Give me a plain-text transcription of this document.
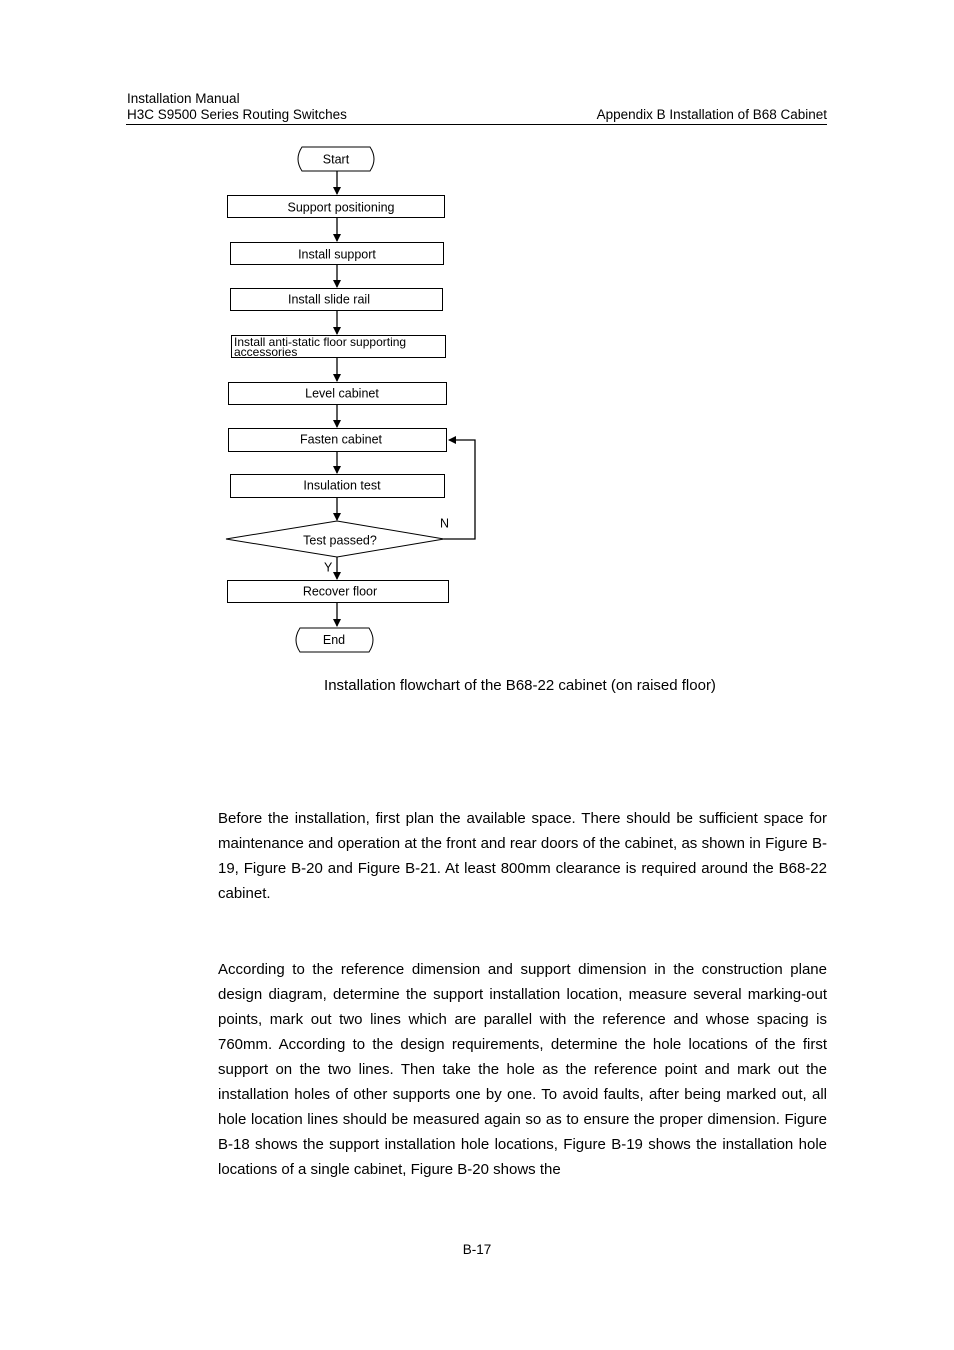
Installation Manual
H3C S9500 Series Routing Switches	Appendix B Installation of B68 Cabinet
Start
Support positioning
Install support
Install slide rail
Install anti-static floor supporting accessories
Level cabinet
Fasten cabinet
Insulation test
Test passed?
N
Y
Recover floor
End
Installation flowchart of the B68-22 cabinet (on raised floor)

Before the installation, first plan the available space. There should be sufficient space for maintenance and operation at the front and rear doors of the cabinet, as shown in Figure B-19, Figure B-20 and Figure B-21. At least 800mm clearance is required around the B68-22 cabinet.

According to the reference dimension and support dimension in the construction plane design diagram, determine the support installation location, measure several marking-out points, mark out two lines which are parallel with the reference and whose spacing is 760mm. According to the design requirements, determine the hole locations of the first support on the two lines. Then take the hole as the reference point and mark out the installation holes of other supports one by one. To avoid faults, after being marked out, all hole location lines should be measured again so as to ensure the proper dimension. Figure B-18 shows the support installation hole locations, Figure B-19 shows the installation hole locations of a single cabinet, Figure B-20 shows the

B-17
